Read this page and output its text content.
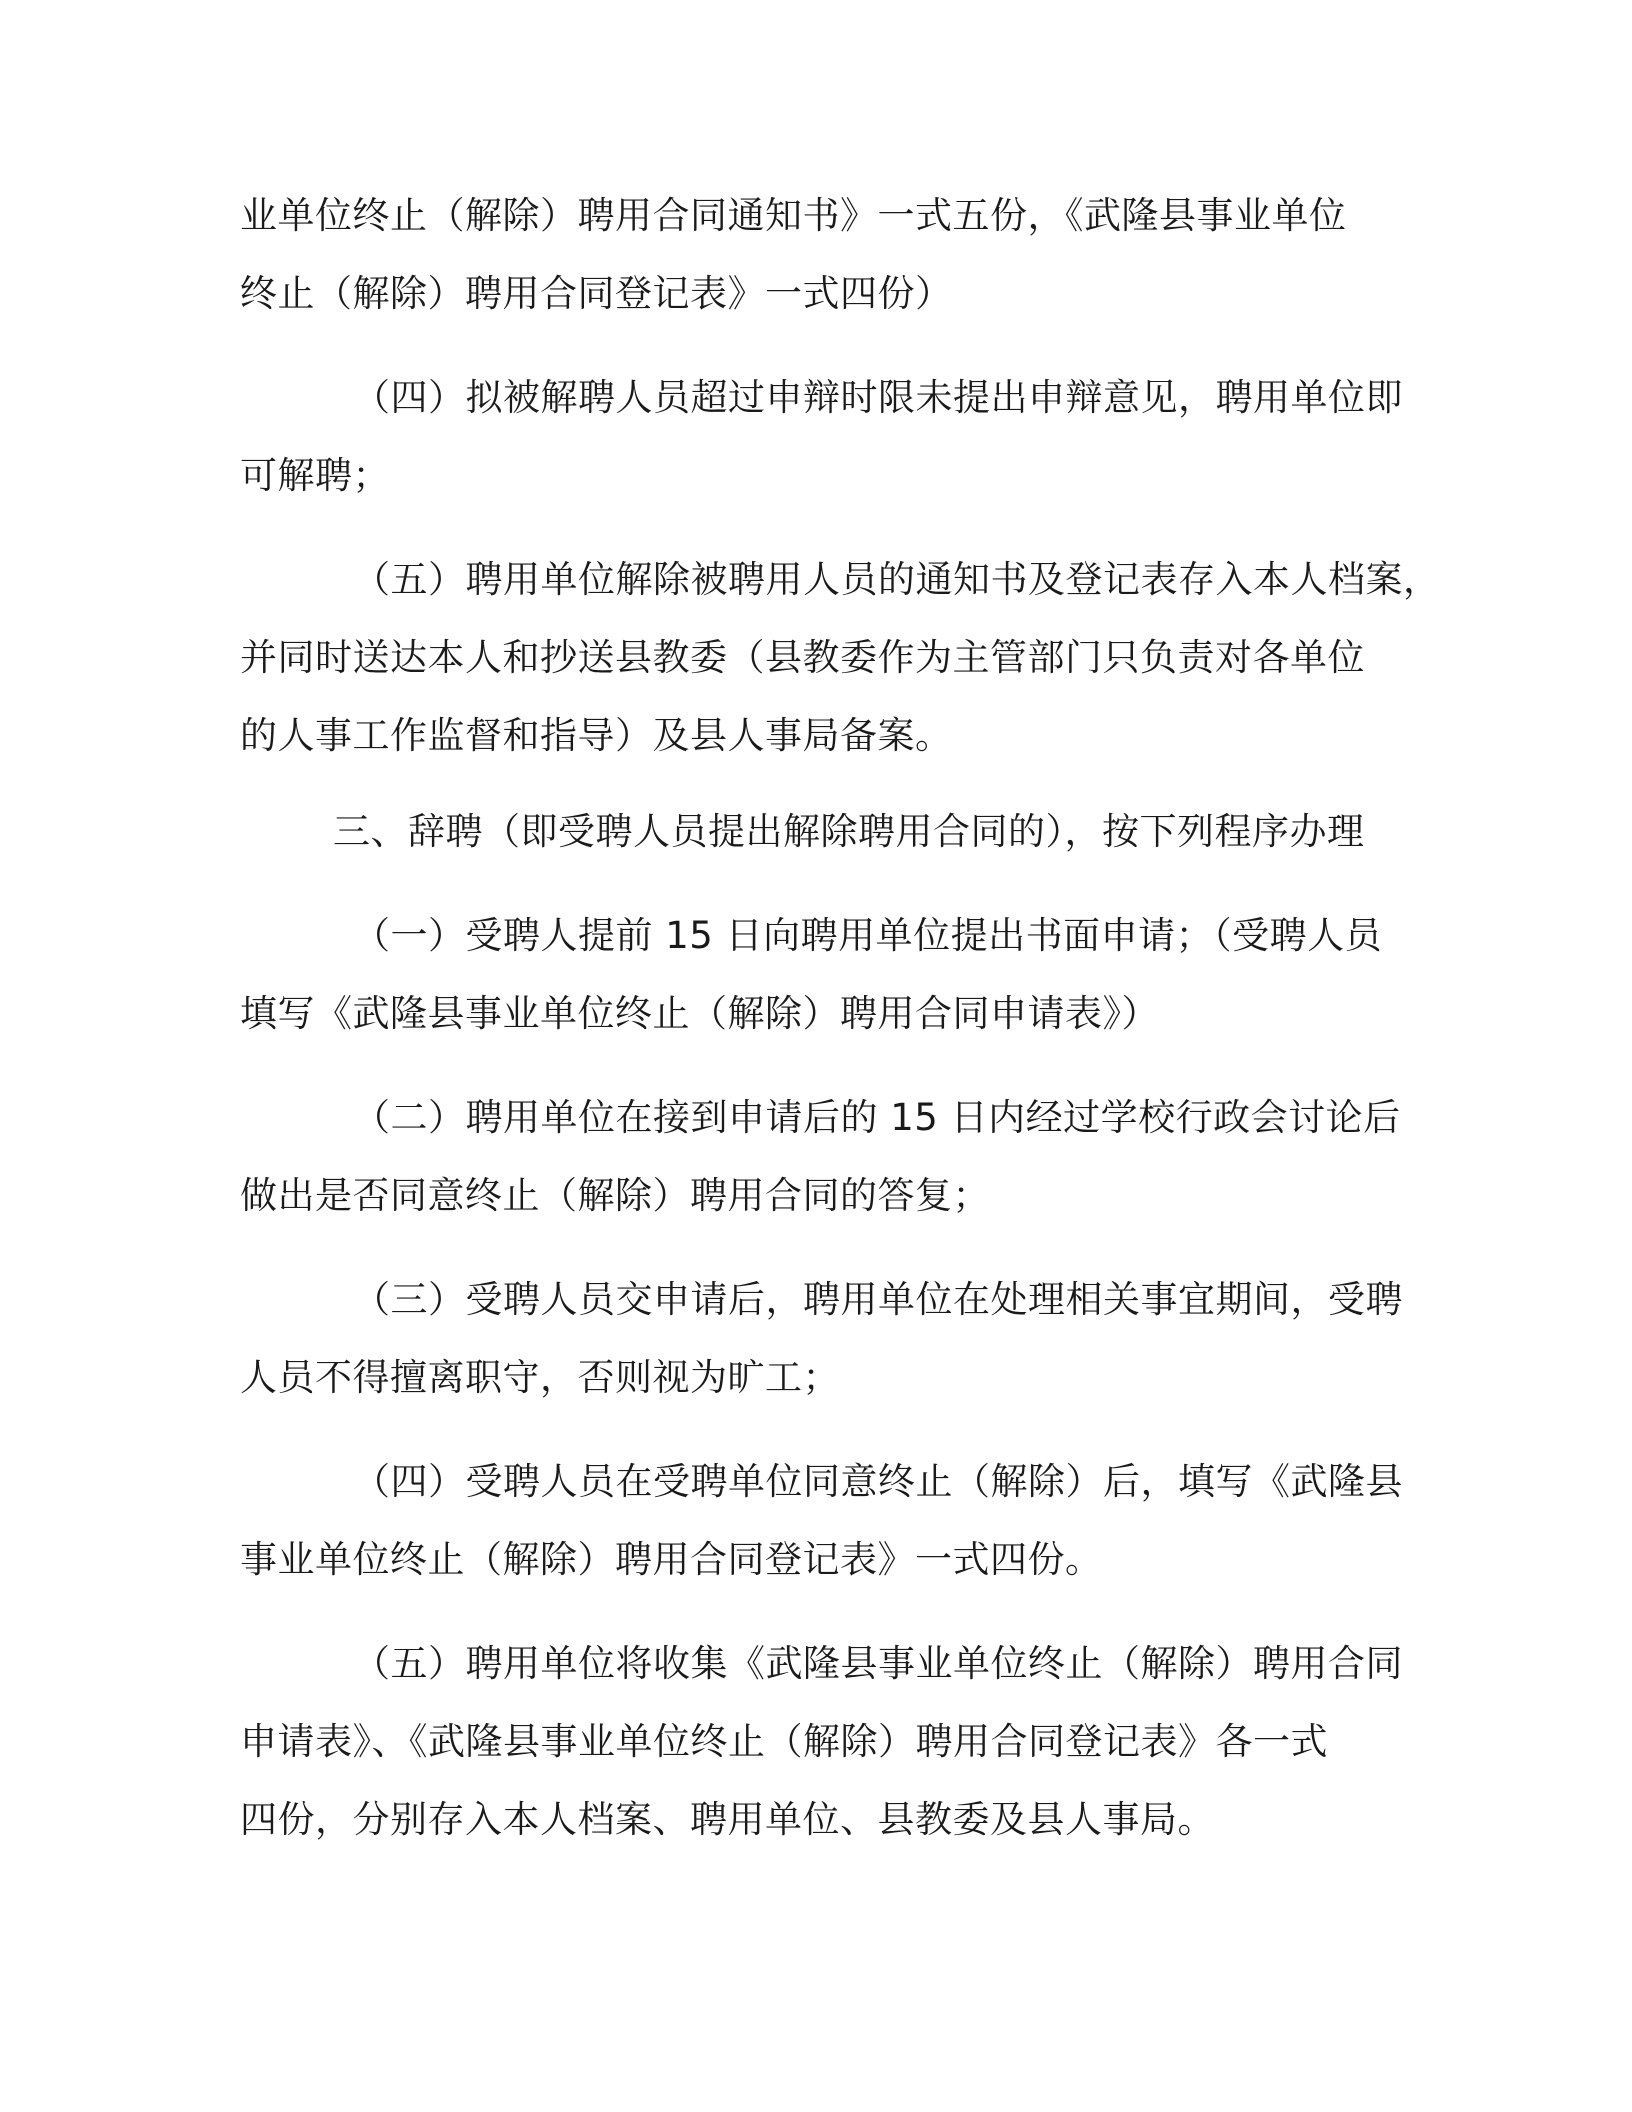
业单位终止（解除）聘用合同通知书》一式五份，《武隆县事业单位
终止（解除）聘用合同登记表》一式四份）
（四）拟被解聘人员超过申辩时限未提出申辩意见，聘用单位即
可解聘；
（五）聘用单位解除被聘用人员的通知书及登记表存入本人档案，
并同时送达本人和抄送县教委（县教委作为主管部门只负责对各单位
的人事工作监督和指导）及县人事局备案。
三、辞聘（即受聘人员提出解除聘用合同的），按下列程序办理
（一）受聘人提前 15 日向聘用单位提出书面申请；（受聘人员
填写《武隆县事业单位终止（解除）聘用合同申请表》）
（二）聘用单位在接到申请后的 15 日内经过学校行政会讨论后
做出是否同意终止（解除）聘用合同的答复；
（三）受聘人员交申请后，聘用单位在处理相关事宜期间，受聘
人员不得擅离职守，否则视为旷工；
（四）受聘人员在受聘单位同意终止（解除）后，填写《武隆县
事业单位终止（解除）聘用合同登记表》一式四份。
（五）聘用单位将收集《武隆县事业单位终止（解除）聘用合同
申请表》、《武隆县事业单位终止（解除）聘用合同登记表》各一式
四份，分别存入本人档案、聘用单位、县教委及县人事局。
